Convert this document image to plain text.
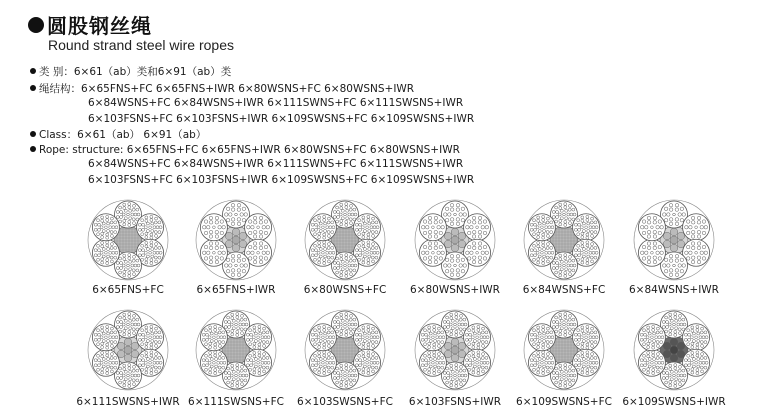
圆股钢丝绳
Round strand steel wire ropes
类 别：6×61（ab）类和6×91（ab）类
绳结构：6×65FNS+FC 6×65FNS+IWR 6×80WSNS+FC 6×80WSNS+IWR
6×84WSNS+FC 6×84WSNS+IWR 6×111SWNS+FC 6×111SWSNS+IWR
6×103FSNS+FC 6×103FSNS+IWR 6×109SWSNS+FC 6×109SWSNS+IWR
Class：6×61（ab） 6×91（ab）
Rope: structure: 6×65FNS+FC 6×65FNS+IWR 6×80WSNS+FC 6×80WSNS+IWR
6×84WSNS+FC 6×84WSNS+IWR 6×111SWNS+FC 6×111SWSNS+IWR
6×103FSNS+FC 6×103FSNS+IWR 6×109SWSNS+FC 6×109SWSNS+IWR
6×65FNS+FC	6×65FNS+IWR	6×80WSNS+FC	6×80WSNS+IWR	6×84WSNS+FC	6×84WSNS+IWR
6×111SWSNS+IWR 6×111SWSNS+FC	6×103SWSNS+FC	6×103FSNS+IWR	6×109SWSNS+FC 6×109SWSNS+IWR
